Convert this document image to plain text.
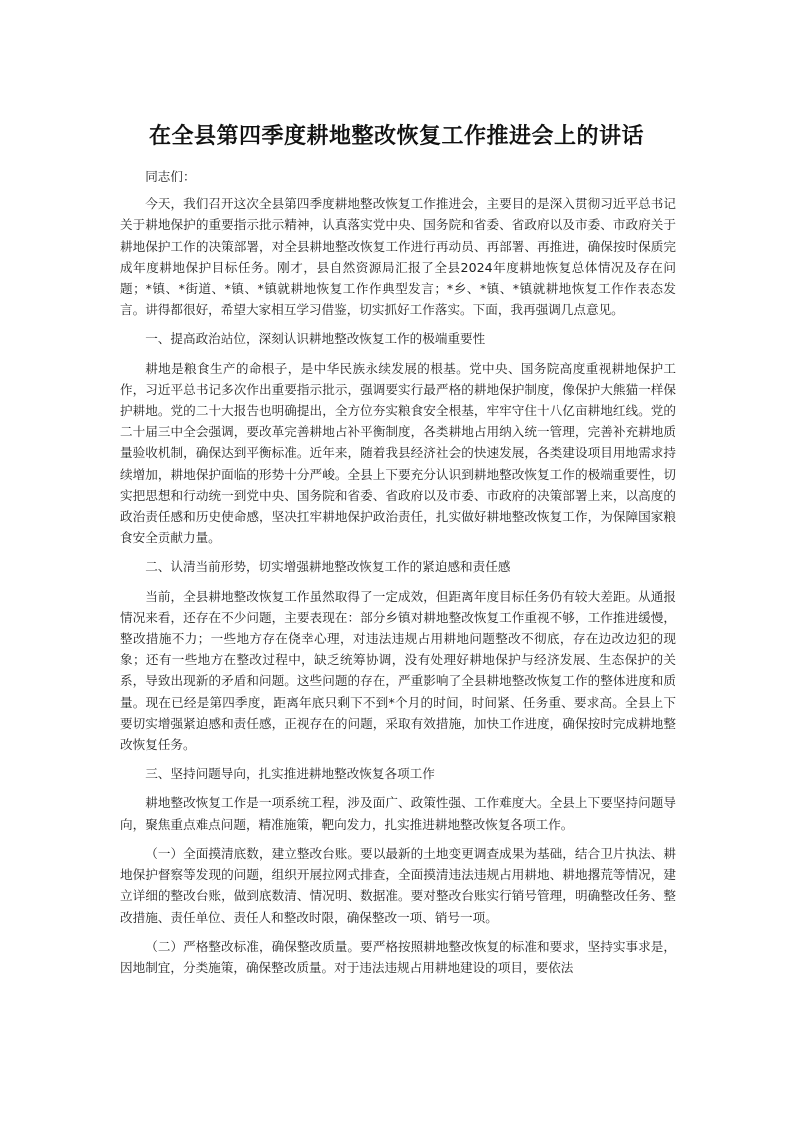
在全县第四季度耕地整改恢复工作推进会上的讲话

同志们：

今天，我们召开这次全县第四季度耕地整改恢复工作推进会，主要目的是深入贯彻习近平总书记关于耕地保护的重要指示批示精神，认真落实党中央、国务院和省委、省政府以及市委、市政府关于耕地保护工作的决策部署，对全县耕地整改恢复工作进行再动员、再部署、再推进，确保按时保质完成年度耕地保护目标任务。刚才，县自然资源局汇报了全县2024年度耕地恢复总体情况及存在问题；*镇、*街道、*镇、*镇就耕地恢复工作作典型发言；*乡、*镇、*镇就耕地恢复工作作表态发言。讲得都很好，希望大家相互学习借鉴，切实抓好工作落实。下面，我再强调几点意见。

一、提高政治站位，深刻认识耕地整改恢复工作的极端重要性

耕地是粮食生产的命根子，是中华民族永续发展的根基。党中央、国务院高度重视耕地保护工作，习近平总书记多次作出重要指示批示，强调要实行最严格的耕地保护制度，像保护大熊猫一样保护耕地。党的二十大报告也明确提出，全方位夯实粮食安全根基，牢牢守住十八亿亩耕地红线。党的二十届三中全会强调，要改革完善耕地占补平衡制度，各类耕地占用纳入统一管理，完善补充耕地质量验收机制，确保达到平衡标准。近年来，随着我县经济社会的快速发展，各类建设项目用地需求持续增加，耕地保护面临的形势十分严峻。全县上下要充分认识到耕地整改恢复工作的极端重要性，切实把思想和行动统一到党中央、国务院和省委、省政府以及市委、市政府的决策部署上来，以高度的政治责任感和历史使命感，坚决扛牢耕地保护政治责任，扎实做好耕地整改恢复工作，为保障国家粮食安全贡献力量。

二、认清当前形势，切实增强耕地整改恢复工作的紧迫感和责任感

当前，全县耕地整改恢复工作虽然取得了一定成效，但距离年度目标任务仍有较大差距。从通报情况来看，还存在不少问题，主要表现在：部分乡镇对耕地整改恢复工作重视不够，工作推进缓慢，整改措施不力；一些地方存在侥幸心理，对违法违规占用耕地问题整改不彻底，存在边改边犯的现象；还有一些地方在整改过程中，缺乏统筹协调，没有处理好耕地保护与经济发展、生态保护的关系，导致出现新的矛盾和问题。这些问题的存在，严重影响了全县耕地整改恢复工作的整体进度和质量。现在已经是第四季度，距离年底只剩下不到*个月的时间，时间紧、任务重、要求高。全县上下要切实增强紧迫感和责任感，正视存在的问题，采取有效措施，加快工作进度，确保按时完成耕地整改恢复任务。

三、坚持问题导向，扎实推进耕地整改恢复各项工作

耕地整改恢复工作是一项系统工程，涉及面广、政策性强、工作难度大。全县上下要坚持问题导向，聚焦重点难点问题，精准施策，靶向发力，扎实推进耕地整改恢复各项工作。

（一）全面摸清底数，建立整改台账。要以最新的土地变更调查成果为基础，结合卫片执法、耕地保护督察等发现的问题，组织开展拉网式排查，全面摸清违法违规占用耕地、耕地撂荒等情况，建立详细的整改台账，做到底数清、情况明、数据准。要对整改台账实行销号管理，明确整改任务、整改措施、责任单位、责任人和整改时限，确保整改一项、销号一项。

（二）严格整改标准，确保整改质量。要严格按照耕地整改恢复的标准和要求，坚持实事求是，因地制宜，分类施策，确保整改质量。对于违法违规占用耕地建设的项目，要依法
